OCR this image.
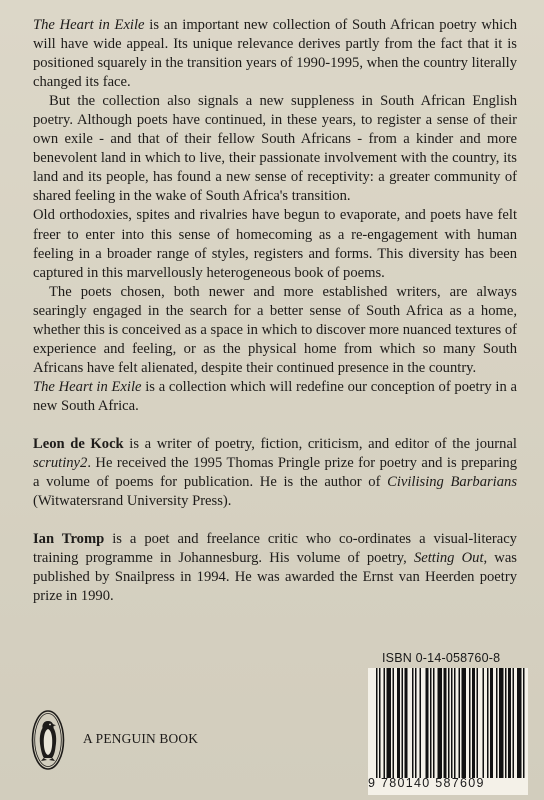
The Heart in Exile is an important new collection of South African poetry which will have wide appeal. Its unique relevance derives partly from the fact that it is positioned squarely in the transition years of 1990-1995, when the country literally changed its face.

But the collection also signals a new suppleness in South African English poetry. Although poets have continued, in these years, to register a sense of their own exile - and that of their fellow South Africans - from a kinder and more benevolent land in which to live, their passionate involvement with the country, its land and its people, has found a new sense of receptivity: a greater community of shared feeling in the wake of South Africa's transition.

Old orthodoxies, spites and rivalries have begun to evaporate, and poets have felt freer to enter into this sense of homecoming as a re-engagement with human feeling in a broader range of styles, registers and forms. This diversity has been captured in this marvellously heterogeneous book of poems.

The poets chosen, both newer and more established writers, are always searingly engaged in the search for a better sense of South Africa as a home, whether this is conceived as a space in which to discover more nuanced textures of experience and feeling, or as the physical home from which so many South Africans have felt alienated, despite their continued presence in the country.

The Heart in Exile is a collection which will redefine our conception of poetry in a new South Africa.

Leon de Kock is a writer of poetry, fiction, criticism, and editor of the journal scrutiny2. He received the 1995 Thomas Pringle prize for poetry and is preparing a volume of poems for publication. He is the author of Civilising Barbarians (Witwatersrand University Press).

Ian Tromp is a poet and freelance critic who co-ordinates a visual-literacy training programme in Johannesburg. His volume of poetry, Setting Out, was published by Snailpress in 1994. He was awarded the Ernst van Heerden poetry prize in 1990.

ISBN 0-14-058760-8
9 780140 587609
A PENGUIN BOOK
